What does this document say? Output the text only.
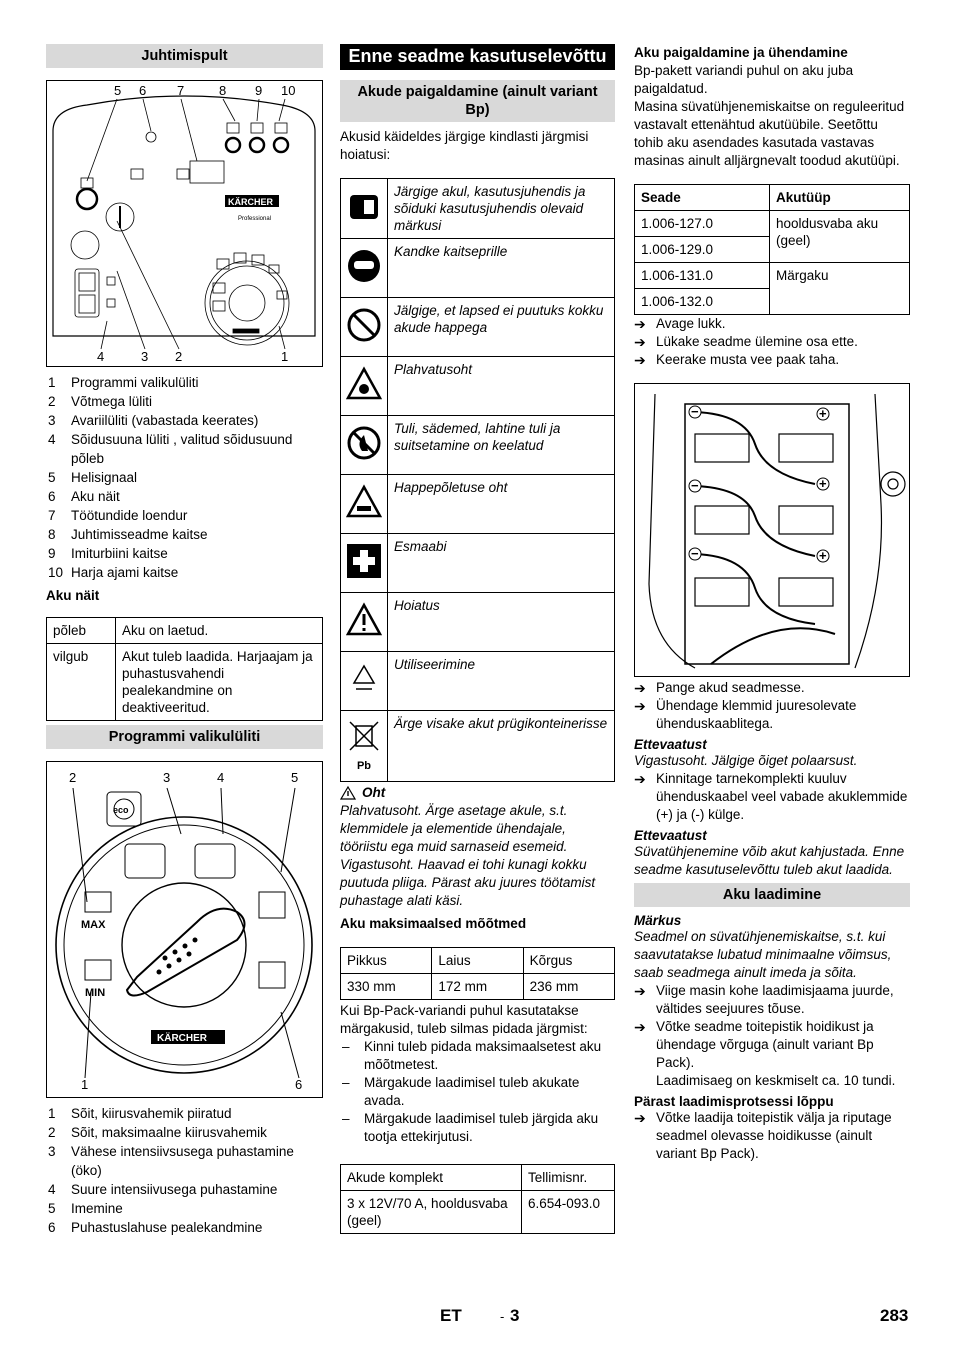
Juhtimispult
5 6 7	8 9 10
4	3 2	1
KÄRCHER
Professional
1	Programmi valikulüliti
2	Võtmega lüliti
3	Avariilüliti (vabastada keerates)
4	Sõidusuuna lüliti , valitud sõidusuund põleb
5	Helisignaal
6	Aku näit
7	Töötundide loendur
8	Juhtimisseadme kaitse
9	Imiturbiini kaitse
10 Harja ajami kaitse
Aku näit
põleb	Aku on laetud.
vilgub	Akut tuleb laadida. Harjaajam ja puhastusvahendi pealekandmine on deaktiveeritud.
Programmi valikulüliti
2	3	4	5
1	6
eco
MAX
MIN
KÄRCHER
1	Sõit, kiirusvahemik piiratud
2	Sõit, maksimaalne kiirusvahemik
3	Vähese intensiivsusega puhastamine (öko)
4	Suure intensiivusega puhastamine
5	Imemine
6	Puhastuslahuse pealekandmine
Enne seadme kasutuselevõttu
Akude paigaldamine (ainult variant Bp)

Akusid käideldes järgige kindlasti järgmisi hoiatusi:

	Järgige akul, kasutusjuhendis ja sõiduki kasutusjuhendis olevaid märkusi
	Kandke kaitseprille
	Jälgige, et lapsed ei puutuks kokku akude happega
	Plahvatusoht
	Tuli, sädemed, lahtine tuli ja suitsetamine on keelatud
	Happepõletuse oht
	Esmaabi
	Hoiatus
	Utiliseerimine

Pb	Ärge visake akut prügikonteinerisse
Oht

Plahvatusoht. Ärge asetage akule, s.t. klemmidele ja elementide ühendajale, tööriistu ega muid sarnaseid esemeid. Vigastusoht. Haavad ei tohi kunagi kokku puutuda pliiga. Pärast aku juures töötamist puhastage alati käsi.

Aku maksimaalsed mõõtmed
Pikkus	Laius	Kõrgus
330 mm	172 mm	236 mm

Kui Bp-Pack-variandi puhul kasutatakse märgakusid, tuleb silmas pidada järgmist:

–	Kinni tuleb pidada maksimaalsetest aku mõõtmetest.
–	Märgakude laadimisel tuleb akukate avada.
–	Märgakude laadimisel tuleb järgida aku tootja ettekirjutusi.
Akude komplekt	Tellimisnr.
3 x 12V/70 A, hooldusvaba (geel)	6.654-093.0
Aku paigaldamine ja ühendamine

Bp-pakett variandi puhul on aku juba paigaldatud.

Masina süvatühjenemiskaitse on reguleeritud vastavalt ettenähtud akutüübile. Seetõttu tohib aku asendades kasutada vastavas masinas ainult alljärgnevalt toodud akutüüpi.

Seade	Akutüüp
1.006-127.0	hooldusvaba aku (geel)
1.006-129.0	
1.006-131.0	Märgaku
1.006-132.0	
➔ Avage lukk.
➔ Lükake seadme ülemine osa ette.
➔ Keerake musta vee paak taha.
−	+
−	+
−	+
➔ Pange akud seadmesse.
➔ Ühendage klemmid juuresolevate ühenduskaablitega.
Ettevaatust

Vigastusoht. Jälgige õiget polaarsust.

➔ Kinnitage tarnekomplekti kuuluv ühenduskaabel veel vabade akuklemmide (+) ja (-) külge.
Ettevaatust

Süvatühjenemine võib akut kahjustada. Enne seadme kasutuselevõttu tuleb akut laadida.

Aku laadimine
Märkus

Seadmel on süvatühjenemiskaitse, s.t. kui saavutatakse lubatud minimaalne võimsus, saab seadmega ainult imeda ja sõita.

➔ Viige masin kohe laadimisjaama juurde, vältides seejuures tõuse.
➔ Võtke seadme toitepistik hoidikust ja ühendage võrguga (ainult variant Bp Pack).

Laadimisaeg on keskmiselt ca. 10 tundi.

Pärast laadimisprotsessi lõppu
➔ Võtke laadija toitepistik välja ja riputage seadmel olevasse hoidikusse (ainult variant Bp Pack).
ET	- 3	283
